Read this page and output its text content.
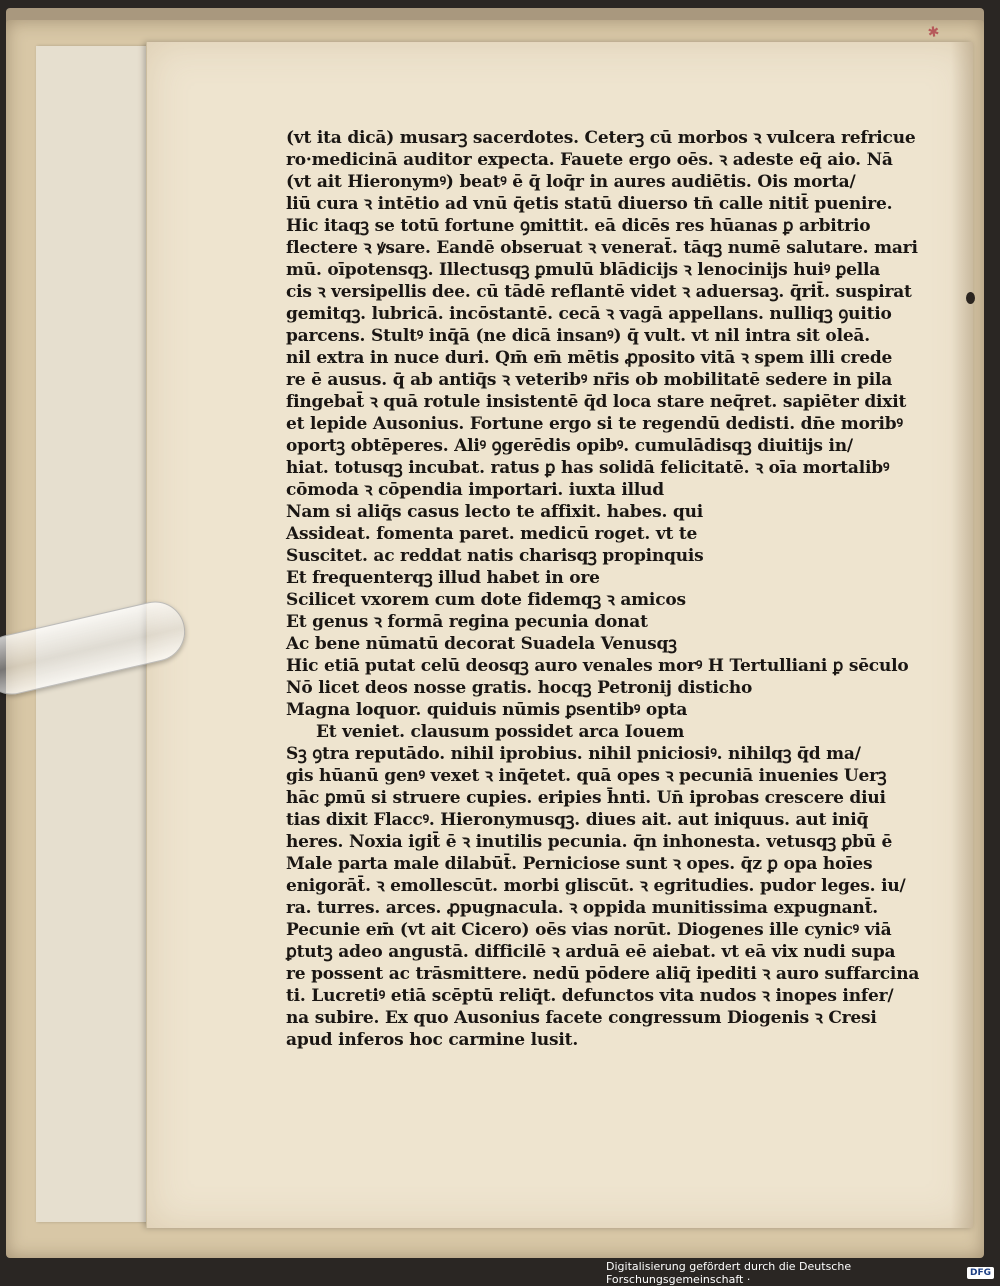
✱
(vt ita dicā) musarꝫ sacerdotes. Ceterꝫ cū morbos ꝛ vulcera refricue
ro·medicinā auditor expecta. Fauete ergo oēs. ꝛ adeste eq̄ aio. Nā
(vt ait Hieronymꝰ) beatꝰ ē q̄ loq̄r in aures audiētis. Ois morta/
liū cura ꝛ intētio ad vnū q̄etis statū diuerso tn̄ calle nitit̄ puenire.
Hic itaqꝫ se totū fortune ꝯmittit. eā dicēs res hūanas ꝑ arbitrio
flectere ꝛ ꝟsare. Eandē obseruat ꝛ venerat̄. tāqꝫ numē salutare. mari
mū. oīpotensqꝫ. Illectusqꝫ ꝑmulū blādicijs ꝛ lenocinijs huiꝰ ꝑella
cis ꝛ versipellis dee. cū tādē reflantē videt ꝛ aduersaꝫ. q̄rit̄. suspirat
gemitqꝫ. lubricā. incōstantē. cecā ꝛ vagā appellans. nulliqꝫ ꝯuitio
parcens. Stultꝰ inq̄ā (ne dicā insanꝰ) q̄ vult. vt nil intra sit oleā.
nil extra in nuce duri. Qm̄ em̄ mētis ꝓposito vitā ꝛ spem illi crede
re ē ausus. q̄ ab antiq̄s ꝛ veteribꝰ nr̄is ob mobilitatē sedere in pila
fingebat̄ ꝛ quā rotule insistentē q̄d loca stare neq̄ret. sapiēter dixit
et lepide Ausonius. Fortune ergo si te regendū dedisti. dn̄e moribꝰ
oportꝫ obtēperes. Aliꝰ ꝯgerēdis opibꝰ. cumulādisqꝫ diuitijs in/
hiat. totusqꝫ incubat. ratus ꝑ has solidā felicitatē. ꝛ oīa mortalibꝰ
cōmoda ꝛ cōpendia importari. iuxta illud
Nam si aliq̄s casus lecto te affixit. habes. qui
Assideat. fomenta paret. medicū roget. vt te
Suscitet. ac reddat natis charisqꝫ propinquis
Et frequenterqꝫ illud habet in ore
Scilicet vxorem cum dote fidemqꝫ ꝛ amicos
Et genus ꝛ formā regina pecunia donat
Ac bene nūmatū decorat Suadela Venusqꝫ
Hic etiā putat celū deosqꝫ auro venales morꝰ H Tertulliani ꝑ sēculo
Nō licet deos nosse gratis. hocqꝫ Petronij disticho
Magna loquor. quiduis nūmis ꝑsentibꝰ opta
Et veniet. clausum possidet arca Iouem
Sꝫ ꝯtra reputādo. nihil iprobius. nihil pniciosiꝰ. nihilqꝫ q̄d ma/
gis hūanū genꝰ vexet ꝛ inq̄etet. quā opes ꝛ pecuniā inuenies Uerꝫ
hāc ꝑmū si struere cupies. eripies h̄nti. Un̄ iprobas crescere diui
tias dixit Flaccꝰ. Hieronymusqꝫ. diues ait. aut iniquus. aut iniq̄
heres. Noxia igit̄ ē ꝛ inutilis pecunia. q̄n inhonesta. vetusqꝫ ꝑbū ē
Male parta male dilabūt̄. Perniciose sunt ꝛ opes. q̄z ꝑ opa hoīes
enigorāt̄. ꝛ emollescūt. morbi gliscūt. ꝛ egritudies. pudor leges. iu/
ra. turres. arces. ꝓpugnacula. ꝛ oppida munitissima expugnant̄.
Pecunie em̄ (vt ait Cicero) oēs vias norūt. Diogenes ille cynicꝰ viā
ꝑtutꝫ adeo angustā. difficilē ꝛ arduā eē aiebat. vt eā vix nudi supa
re possent ac trāsmittere. nedū pōdere aliq̄ ipediti ꝛ auro suffarcina
ti. Lucretiꝰ etiā scēptū reliq̄t. defunctos vita nudos ꝛ inopes infer/
na subire. Ex quo Ausonius facete congressum Diogenis ꝛ Cresi
apud inferos hoc carmine lusit.
Digitalisierung gefördert durch die Deutsche Forschungsgemeinschaft ·	DFG
